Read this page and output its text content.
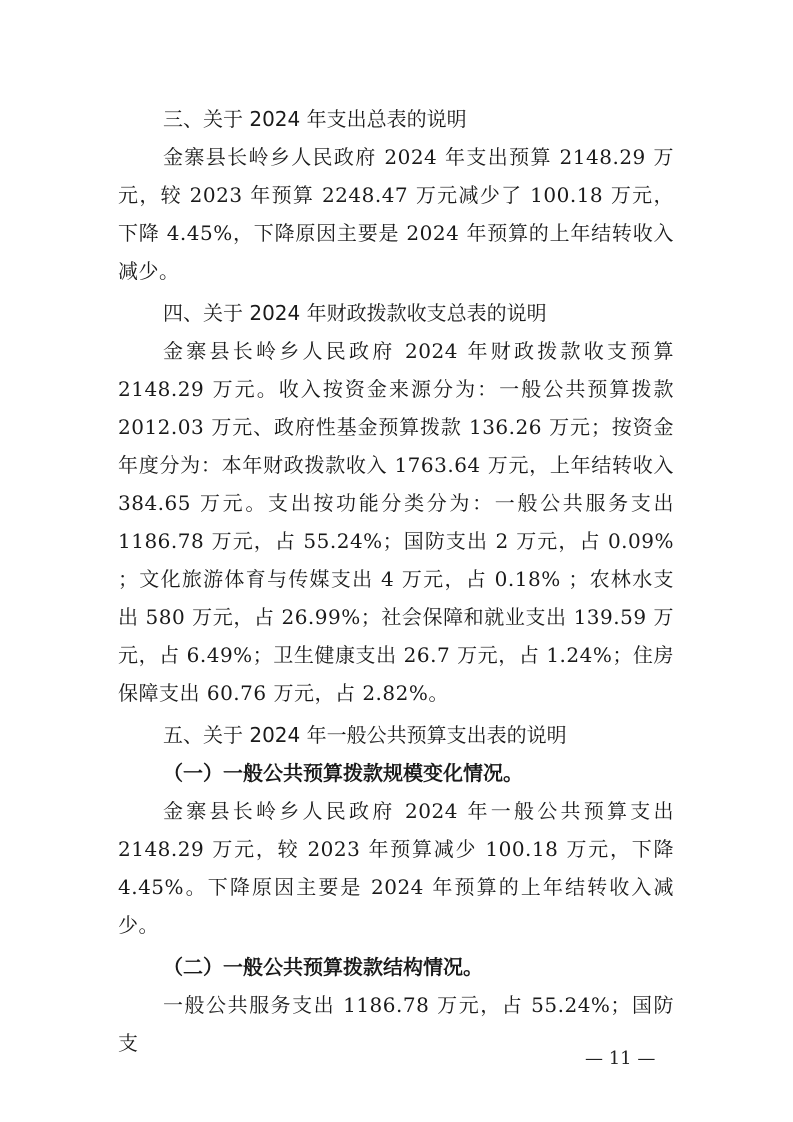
三、关于 2024 年支出总表的说明

金寨县长岭乡人民政府 2024 年支出预算 2148.29 万元，较 2023 年预算 2248.47 万元减少了 100.18 万元，下降 4.45%，下降原因主要是 2024 年预算的上年结转收入减少。

四、关于 2024 年财政拨款收支总表的说明

金寨县长岭乡人民政府 2024 年财政拨款收支预算 2148.29 万元。收入按资金来源分为：一般公共预算拨款 2012.03 万元、政府性基金预算拨款 136.26 万元；按资金年度分为：本年财政拨款收入 1763.64 万元，上年结转收入 384.65 万元。支出按功能分类分为：一般公共服务支出 1186.78 万元，占 55.24%；国防支出 2 万元，占 0.09% ；文化旅游体育与传媒支出 4 万元，占 0.18% ；农林水支出 580 万元，占 26.99%；社会保障和就业支出 139.59 万元，占 6.49%；卫生健康支出 26.7 万元，占 1.24%；住房保障支出 60.76 万元，占 2.82%。

五、关于 2024 年一般公共预算支出表的说明

（一）一般公共预算拨款规模变化情况。

金寨县长岭乡人民政府 2024 年一般公共预算支出 2148.29 万元，较 2023 年预算减少 100.18 万元，下降 4.45%。下降原因主要是 2024 年预算的上年结转收入减少。

（二）一般公共预算拨款结构情况。

一般公共服务支出 1186.78 万元，占 55.24%；国防支

— 11 —
